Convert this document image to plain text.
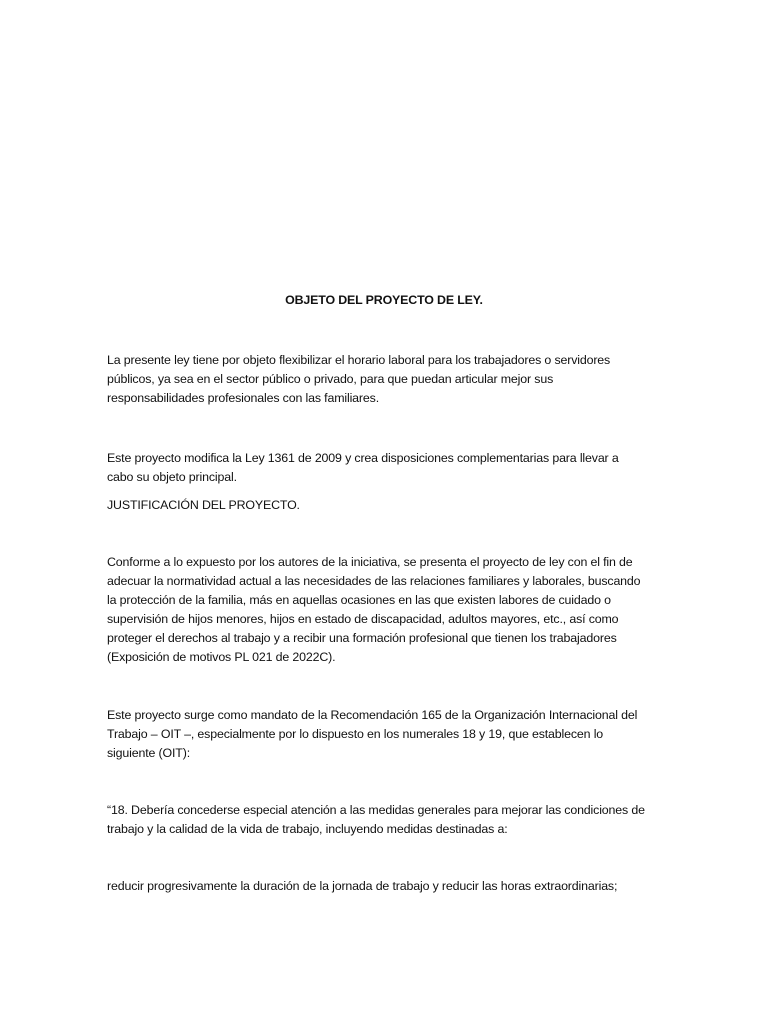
OBJETO DEL PROYECTO DE LEY.

La presente ley tiene por objeto flexibilizar el horario laboral para los trabajadores o servidores
públicos, ya sea en el sector público o privado, para que puedan articular mejor sus
responsabilidades profesionales con las familiares.

Este proyecto modifica la Ley 1361 de 2009 y crea disposiciones complementarias para llevar a
cabo su objeto principal.

JUSTIFICACIÓN DEL PROYECTO.

Conforme a lo expuesto por los autores de la iniciativa, se presenta el proyecto de ley con el fin de
adecuar la normatividad actual a las necesidades de las relaciones familiares y laborales, buscando
la protección de la familia, más en aquellas ocasiones en las que existen labores de cuidado o
supervisión de hijos menores, hijos en estado de discapacidad, adultos mayores, etc., así como
proteger el derechos al trabajo y a recibir una formación profesional que tienen los trabajadores
(Exposición de motivos PL 021 de 2022C).

Este proyecto surge como mandato de la Recomendación 165 de la Organización Internacional del
Trabajo – OIT –, especialmente por lo dispuesto en los numerales 18 y 19, que establecen lo
siguiente (OIT):

“18. Debería concederse especial atención a las medidas generales para mejorar las condiciones de
trabajo y la calidad de la vida de trabajo, incluyendo medidas destinadas a:

reducir progresivamente la duración de la jornada de trabajo y reducir las horas extraordinarias;
